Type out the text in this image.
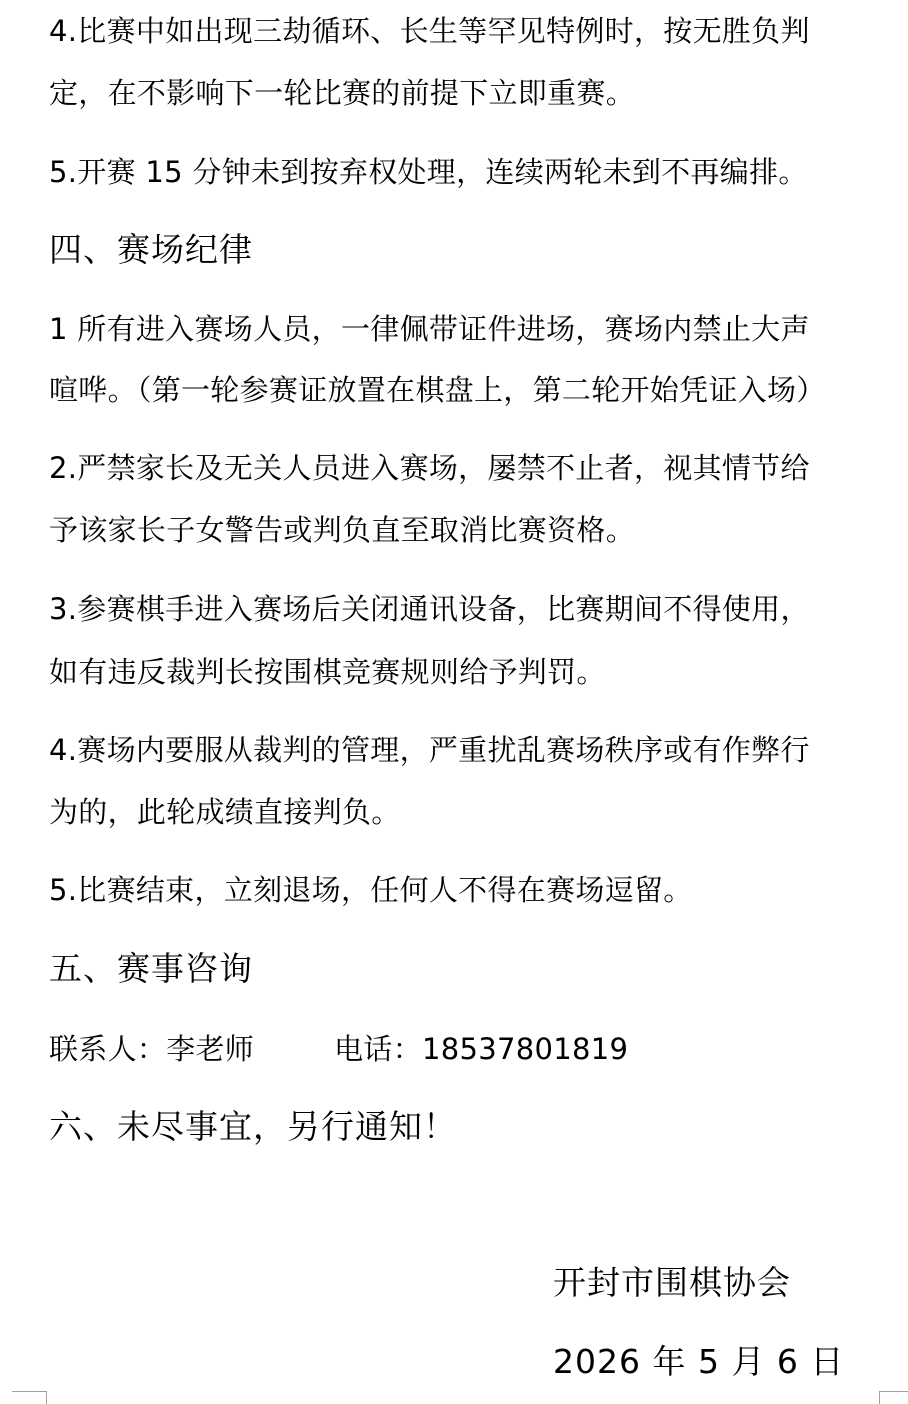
4.比赛中如出现三劫循环、长生等罕见特例时，按无胜负判
定，在不影响下一轮比赛的前提下立即重赛。
5.开赛 15 分钟未到按弃权处理，连续两轮未到不再编排。
四、赛场纪律
1 所有进入赛场人员，一律佩带证件进场，赛场内禁止大声
喧哗。（第一轮参赛证放置在棋盘上，第二轮开始凭证入场）
2.严禁家长及无关人员进入赛场，屡禁不止者，视其情节给
予该家长子女警告或判负直至取消比赛资格。
3.参赛棋手进入赛场后关闭通讯设备，比赛期间不得使用，
如有违反裁判长按围棋竞赛规则给予判罚。
4.赛场内要服从裁判的管理，严重扰乱赛场秩序或有作弊行
为的，此轮成绩直接判负。
5.比赛结束，立刻退场，任何人不得在赛场逗留。
五、赛事咨询
联系人：李老师	电话：18537801819
六、未尽事宜，另行通知！
开封市围棋协会
2026 年 5 月 6 日
